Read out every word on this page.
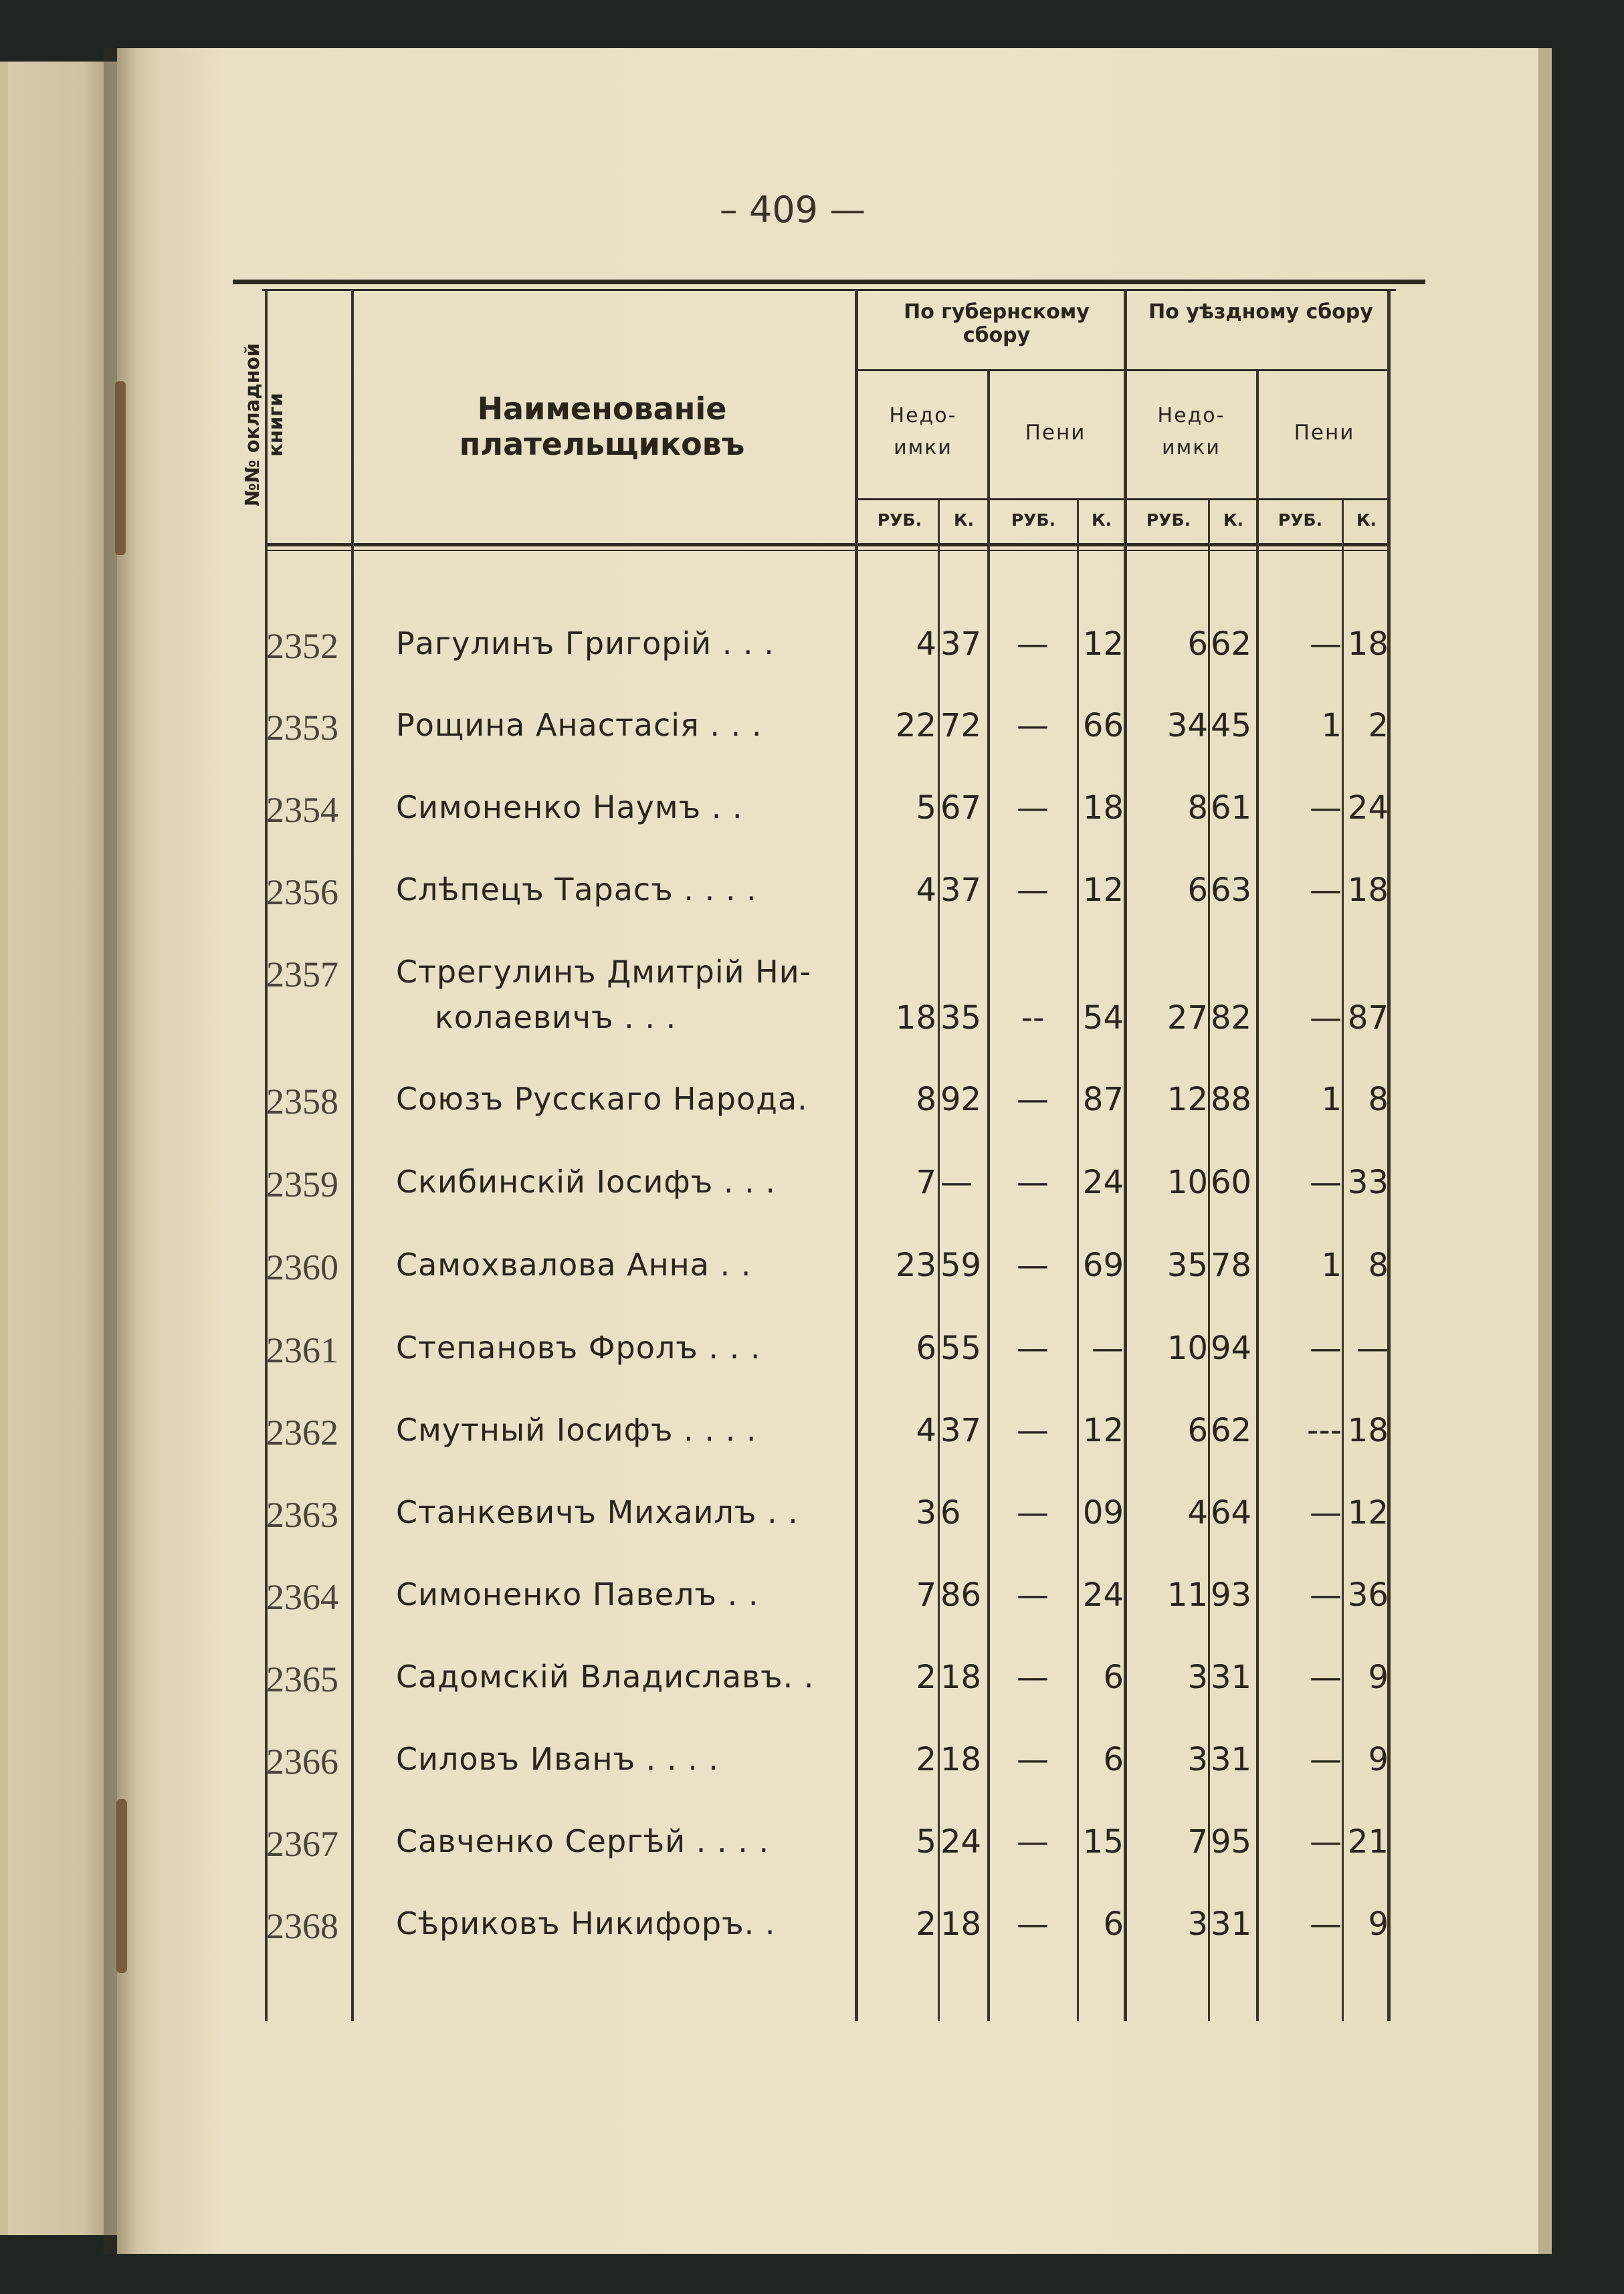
– 409 —
№№ окладной книги	Наименованіе плательщиковъ
По губернскому сбору
По уѣздному сбору
Недо- имки
Пени
Недо- имки
Пени
РУБ.	К.	РУБ.	К.	РУБ.	К.	РУБ.	К.
2352	Рагулинъ Григорій . . .	4 37	—	12	6 62	— 18
2353	Рощина Анастасія . . .	22 72	—	66	34 45	1 2
2354	Симоненко Наумъ . .	5 67	—	18	8 61	— 24
2356	Слѣпецъ Тарасъ . . . .	4 37	—	12	6 63	— 18
2357	Стрегулинъ Дмитрій Ни-
колаевичъ . . .	18 35	--	54	27 82	— 87
2358	Союзъ Русскаго Народа.	8 92	—	87	12 88	1 8
2359	Скибинскій Іосифъ . . .	7 —	—	24	10 60	— 33
2360	Самохвалова Анна . .	23 59	—	69	35 78	1 8
2361	Степановъ Фролъ . . .	6 55	—	—	10 94	— —
2362	Смутный Іосифъ . . . .	4 37	—	12	6 62	--- 18
2363	Станкевичъ Михаилъ . .	3 6	—	09	4 64	— 12
2364	Симоненко Павелъ . .	7 86	—	24	11 93	— 36
2365	Садомскій Владиславъ. .	2 18	—	6	3 31	— 9
2366	Силовъ Иванъ . . . .	2 18	—	6	3 31	— 9
2367	Савченко Сергѣй . . . .	5 24	—	15	7 95	— 21
2368	Сѣриковъ Никифоръ. .	2 18	—	6	3 31	— 9
